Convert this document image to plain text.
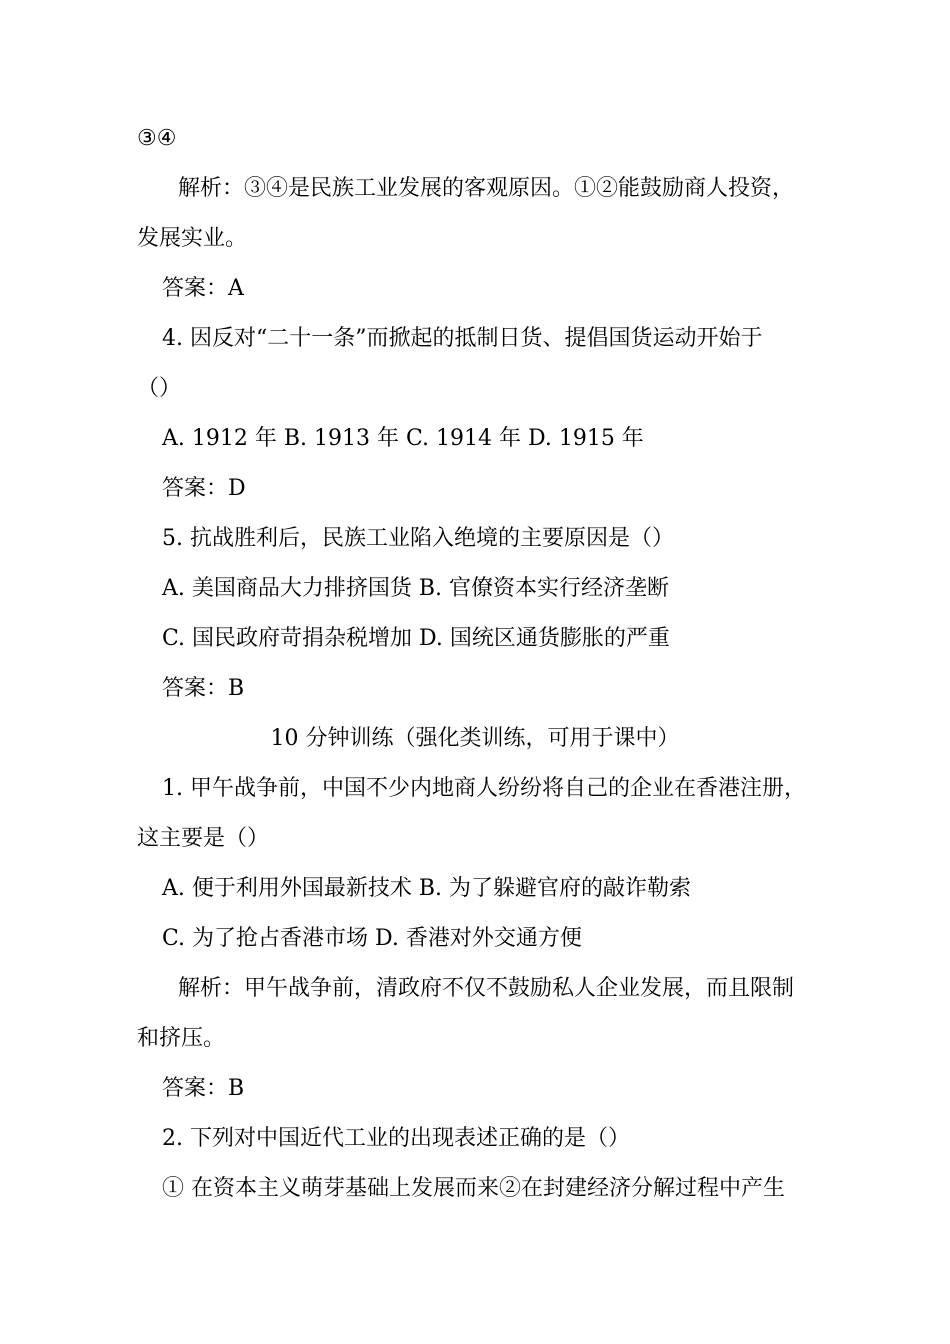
③④
解析：③④是民族工业发展的客观原因。①②能鼓励商人投资，
发展实业。
答案：A
4. 因反对“二十一条”而掀起的抵制日货、提倡国货运动开始于
（）
A. 1912 年 B. 1913 年 C. 1914 年 D. 1915 年
答案：D
5. 抗战胜利后，民族工业陷入绝境的主要原因是（）
A. 美国商品大力排挤国货 B. 官僚资本实行经济垄断
C. 国民政府苛捐杂税增加 D. 国统区通货膨胀的严重
答案：B
10 分钟训练（强化类训练，可用于课中）
1. 甲午战争前，中国不少内地商人纷纷将自己的企业在香港注册，
这主要是（）
A. 便于利用外国最新技术 B. 为了躲避官府的敲诈勒索
C. 为了抢占香港市场 D. 香港对外交通方便
解析：甲午战争前，清政府不仅不鼓励私人企业发展，而且限制
和挤压。
答案：B
2. 下列对中国近代工业的出现表述正确的是（）
① 在资本主义萌芽基础上发展而来②在封建经济分解过程中产生
